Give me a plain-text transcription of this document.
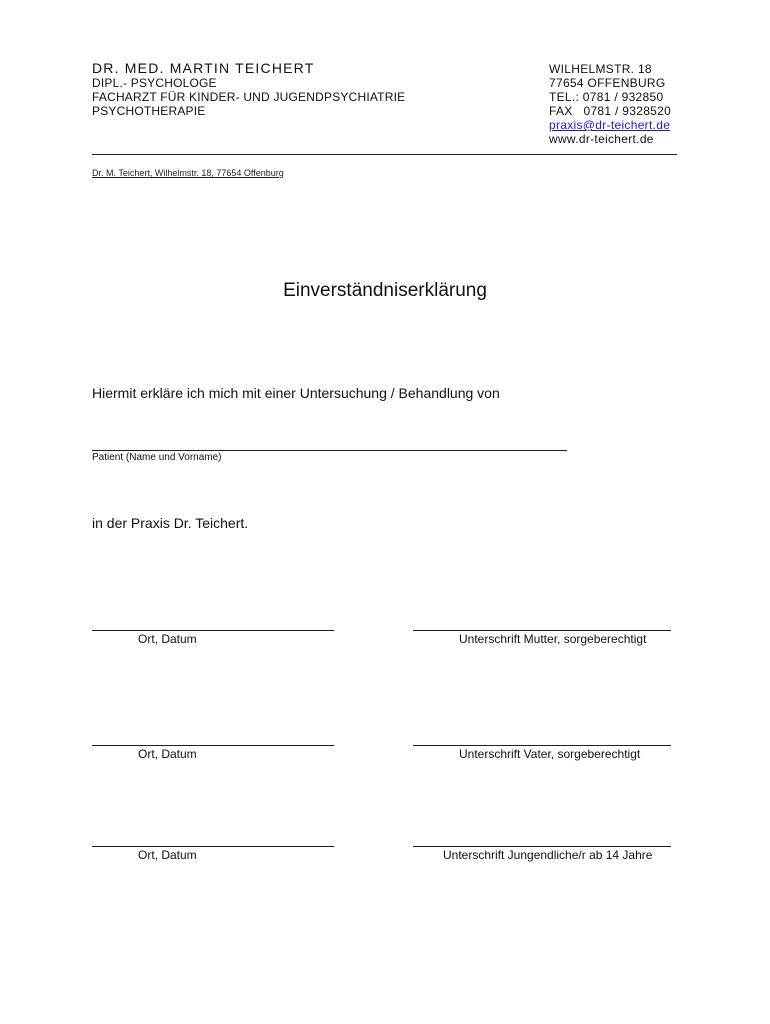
DR. MED. MARTIN TEICHERT
DIPL.- PSYCHOLOGE
FACHARZT FÜR KINDER- UND JUGENDPSYCHIATRIE
PSYCHOTHERAPIE
WILHELMSTR. 18
77654 OFFENBURG
TEL.: 0781 / 932850
FAX   0781 / 9328520
praxis@dr-teichert.de
www.dr-teichert.de
Dr. M. Teichert, Wilhelmstr. 18, 77654 Offenburg
Einverständniserklärung
Hiermit erkläre ich mich mit einer Untersuchung / Behandlung von
Patient (Name und Vorname)
in der Praxis Dr. Teichert.
Ort, Datum	Unterschrift Mutter, sorgeberechtigt
Ort, Datum	Unterschrift Vater, sorgeberechtigt
Ort, Datum	Unterschrift Jungendliche/r ab 14 Jahre
